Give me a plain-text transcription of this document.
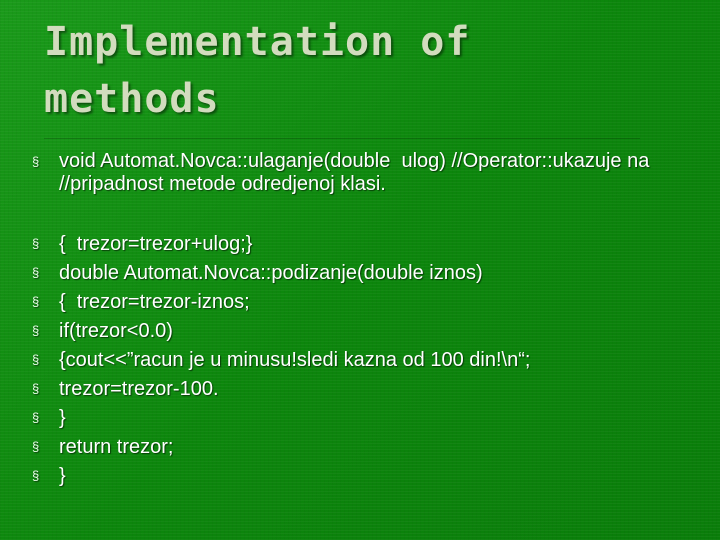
Implementation of
methods
§ void Automat.Novca::ulaganje(double  ulog) //Operator::ukazuje na //pripadnost metode odredjenoj klasi.
§ {  trezor=trezor+ulog;}
§ double Automat.Novca::podizanje(double iznos)
§ {  trezor=trezor-iznos;
§ if(trezor<0.0)
§ {cout<<”racun je u minusu!sledi kazna od 100 din!\n“;
§ trezor=trezor-100.
§ }
§ return trezor;
§ }
